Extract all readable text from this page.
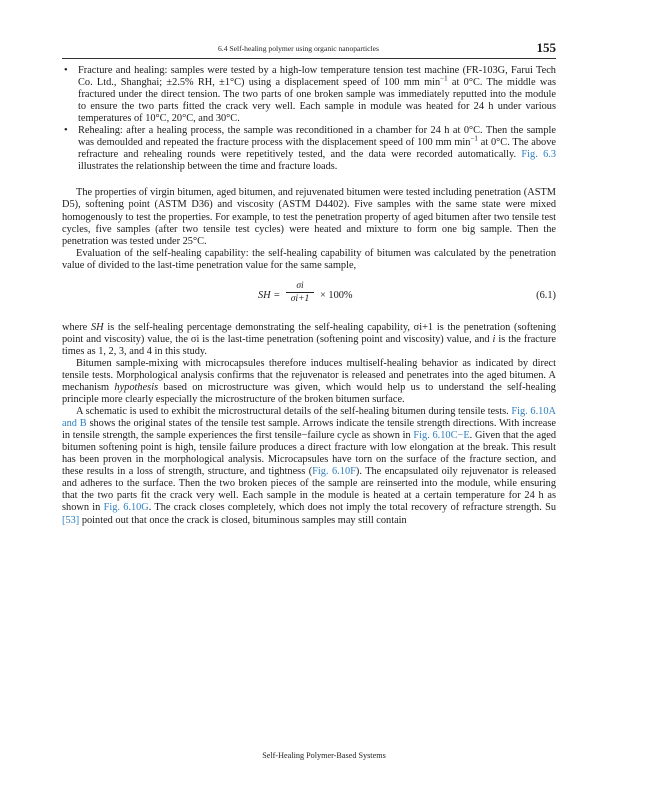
6.4 Self-healing polymer using organic nanoparticles	155
• Fracture and healing: samples were tested by a high-low temperature tension test machine (FR-103G, Farui Tech Co. Ltd., Shanghai; ±2.5% RH, ±1°C) using a displacement speed of 100 mm $\min^{-1}$ at 0°C. The middle was fractured under the direct tension. The two parts of one broken sample was immediately reputted into the module to ensure the two parts fitted the crack very well. Each sample in module was heated for 24 h under various temperatures of 10°C, 20°C, and 30°C.
• Rehealing: after a healing process, the sample was reconditioned in a chamber for 24 h at 0°C. Then the sample was demoulded and repeated the fracture process with the displacement speed of 100 mm $\min^{-1}$ at 0°C. The above refracture and rehealing rounds were repetitively tested, and the data were recorded automatically. Fig. 6.3 illustrates the relationship between the time and fracture loads.

The properties of virgin bitumen, aged bitumen, and rejuvenated bitumen were tested including penetration (ASTM D5), softening point (ASTM D36) and viscosity (ASTM D4402). Five samples with the same state were mixed homogenously to test the properties. For example, to test the penetration property of aged bitumen after two tensile test cycles, five samples (after two tensile test cycles) were heated and mixture to form one big sample. Then the penetration was tested under 25°C.

Evaluation of the self-healing capability: the self-healing capability of bitumen was calculated by the penetration value of divided to the last-time penetration value for the same sample,

SH = $\frac{\sigma i}{\sigma i+1} \times 100\%$	(6.1)

where SH is the self-healing percentage demonstrating the self-healing capability, σi+1 is the penetration (softening point and viscosity) value, the σi is the last-time penetration (softening point and viscosity) value, and i is the fracture times as 1, 2, 3, and 4 in this study.

Bitumen sample-mixing with microcapsules therefore induces multiself-healing behavior as indicated by direct tensile tests. Morphological analysis confirms that the rejuvenator is released and penetrates into the aged bitumen. A mechanism hypothesis based on microstructure was given, which would help us to understand the self-healing principle more clearly especially the microstructure of the broken bitumen surface.

A schematic is used to exhibit the microstructural details of the self-healing bitumen during tensile tests. Fig. 6.10A and B shows the original states of the tensile test sample. Arrows indicate the tensile strength directions. With increase in tensile strength, the sample experiences the first tensile−failure cycle as shown in Fig. 6.10C−E. Given that the aged bitumen softening point is high, tensile failure produces a direct fracture with low elongation at the break. This result has been proven in the morphological analysis. Microcapsules have torn on the surface of the fracture section, and these results in a loss of strength, structure, and tightness (Fig. 6.10F). The encapsulated oily rejuvenator is released and adheres to the surface. Then the two broken pieces of the sample are reinserted into the module, while ensuring that the two parts fit the crack very well. Each sample in the module is heated at a certain temperature for 24 h as shown in Fig. 6.10G. The crack closes completely, which does not imply the total recovery of refracture strength. Su [53] pointed out that once the crack is closed, bituminous samples may still contain

Self-Healing Polymer-Based Systems
